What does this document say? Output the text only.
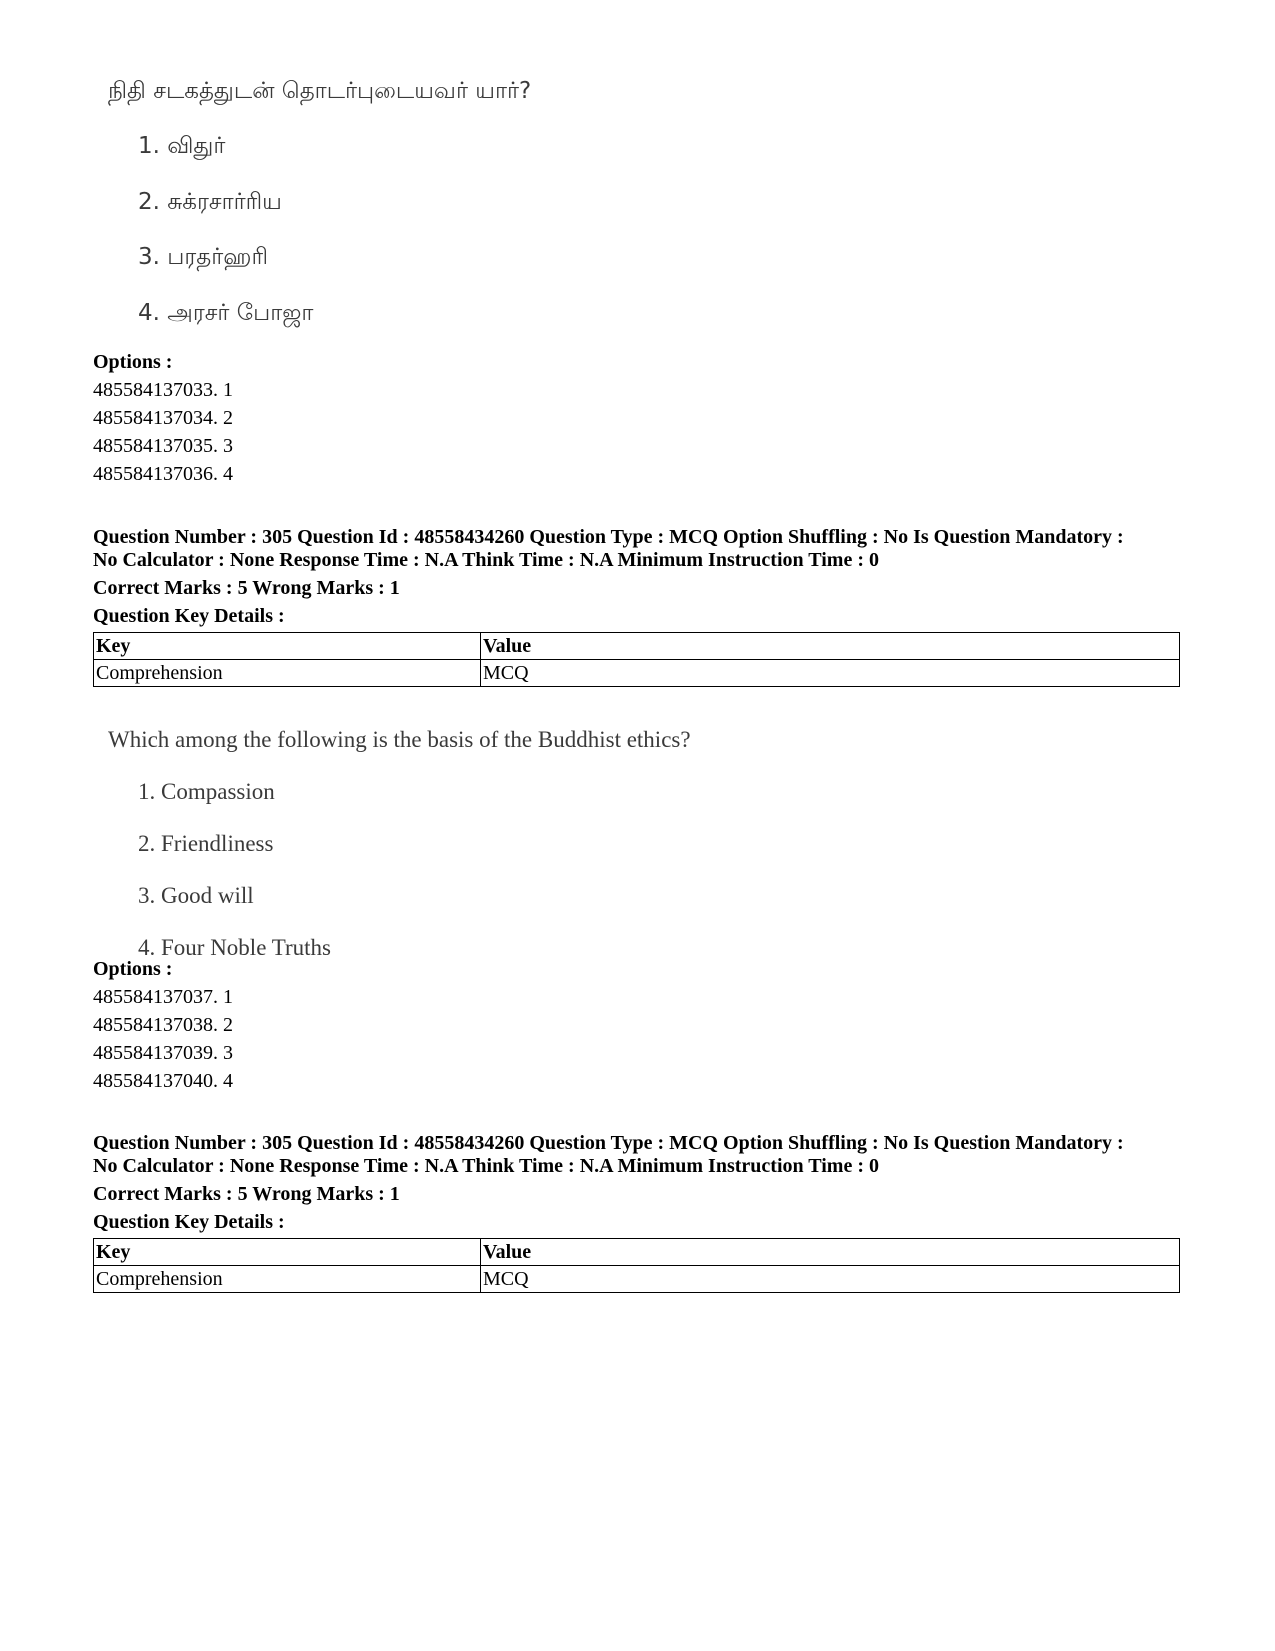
நிதி சடகத்துடன் தொடர்புடையவர் யார்?

1. விதுர்

2. சுக்ரசார்ரிய

3. பரதர்ஹரி

4. அரசர் போஜா

Options :

485584137033. 1

485584137034. 2

485584137035. 3

485584137036. 4

Question Number : 305 Question Id : 48558434260 Question Type : MCQ Option Shuffling : No Is Question Mandatory :

No Calculator : None Response Time : N.A Think Time : N.A Minimum Instruction Time : 0

Correct Marks : 5 Wrong Marks : 1

Question Key Details :

Key	Value
Comprehension	MCQ

Which among the following is the basis of the Buddhist ethics?

1. Compassion

2. Friendliness

3. Good will

4. Four Noble Truths

Options :

485584137037. 1

485584137038. 2

485584137039. 3

485584137040. 4

Question Number : 305 Question Id : 48558434260 Question Type : MCQ Option Shuffling : No Is Question Mandatory :

No Calculator : None Response Time : N.A Think Time : N.A Minimum Instruction Time : 0

Correct Marks : 5 Wrong Marks : 1

Question Key Details :

Key	Value
Comprehension	MCQ
